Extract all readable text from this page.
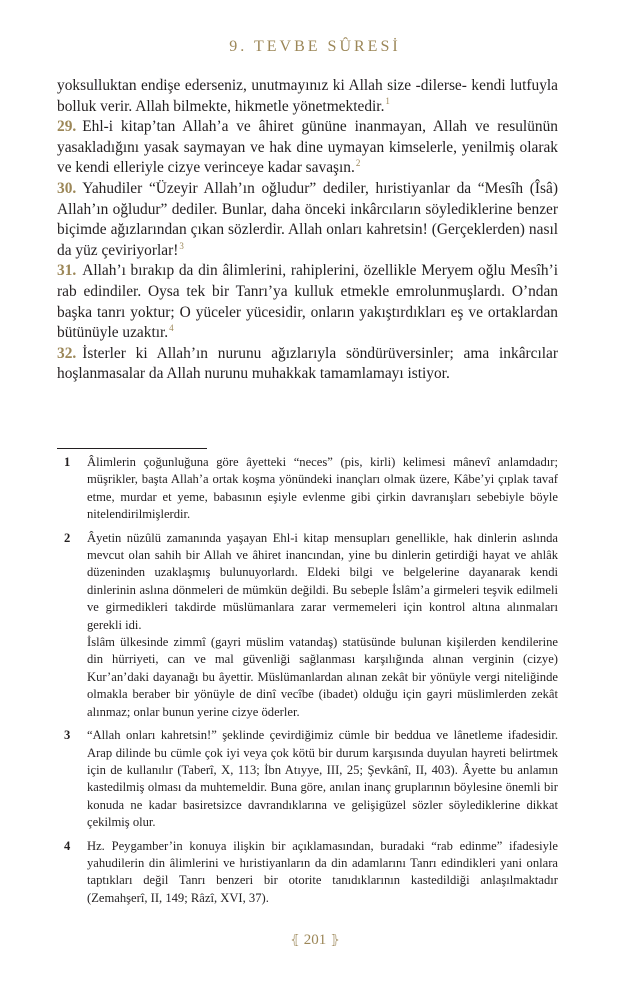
9. TEVBE SÛRESİ

yoksulluktan endişe ederseniz, unutmayınız ki Allah size -dilerse- kendi lutfuyla bolluk verir. Allah bilmekte, hikmetle yönetmektedir.$^1$

29. Ehl-i kitap’tan Allah’a ve âhiret gününe inanmayan, Allah ve resulünün yasakladığını yasak saymayan ve hak dine uymayan kimselerle, yenilmiş olarak ve kendi elleriyle cizye verinceye kadar savaşın.$^2$

30. Yahudiler “Üzeyir Allah’ın oğludur” dediler, hıristiyanlar da “Mesîh (Îsâ) Allah’ın oğludur” dediler. Bunlar, daha önceki inkârcıların söylediklerine benzer biçimde ağızlarından çıkan sözlerdir. Allah onları kahretsin! (Gerçeklerden) nasıl da yüz çeviriyorlar!$^3$

31. Allah’ı bırakıp da din âlimlerini, rahiplerini, özellikle Meryem oğlu Mesîh’i rab edindiler. Oysa tek bir Tanrı’ya kulluk etmekle emrolunmuşlardı. O’ndan başka tanrı yoktur; O yüceler yücesidir, onların yakıştırdıkları eş ve ortaklardan bütünüyle uzaktır.$^4$

32. İsterler ki Allah’ın nurunu ağızlarıyla söndürüversinler; ama inkârcılar hoşlanmasalar da Allah nurunu muhakkak tamamlamayı istiyor.

1 Âlimlerin çoğunluğuna göre âyetteki “neces” (pis, kirli) kelimesi mânevî anlamdadır; müşrikler, başta Allah’a ortak koşma yönündeki inançları olmak üzere, Kâbe’yi çıplak tavaf etme, murdar et yeme, babasının eşiyle evlenme gibi çirkin davranışları sebebiyle böyle nitelendirilmişlerdir.

2 Âyetin nüzûlü zamanında yaşayan Ehl-i kitap mensupları genellikle, hak dinlerin aslında mevcut olan sahih bir Allah ve âhiret inancından, yine bu dinlerin getirdiği hayat ve ahlâk düzeninden uzaklaşmış bulunuyorlardı. Eldeki bilgi ve belgelerine dayanarak kendi dinlerinin aslına dönmeleri de mümkün değildi. Bu sebeple İslâm’a girmeleri teşvik edilmeli ve girmedikleri takdirde müslümanlara zarar vermemeleri için kontrol altına alınmaları gerekli idi.

İslâm ülkesinde zimmî (gayri müslim vatandaş) statüsünde bulunan kişilerden kendilerine din hürriyeti, can ve mal güvenliği sağlanması karşılığında alınan verginin (cizye) Kur’an’daki dayanağı bu âyettir. Müslümanlardan alınan zekât bir yönüyle vergi niteliğinde olmakla beraber bir yönüyle de dinî vecîbe (ibadet) olduğu için gayri müslimlerden zekât alınmaz; onlar bunun yerine cizye öderler.

3 “Allah onları kahretsin!” şeklinde çevirdiğimiz cümle bir beddua ve lânetleme ifadesidir. Arap dilinde bu cümle çok iyi veya çok kötü bir durum karşısında duyulan hayreti belirtmek için de kullanılır (Taberî, X, 113; İbn Atıyye, III, 25; Şevkânî, II, 403). Âyette bu anlamın kastedilmiş olması da muhtemeldir. Buna göre, anılan inanç gruplarının böylesine önemli bir konuda ne kadar basiretsizce davrandıklarına ve gelişigüzel sözler söylediklerine dikkat çekilmiş olur.

4 Hz. Peygamber’in konuya ilişkin bir açıklamasından, buradaki “rab edinme” ifadesiyle yahudilerin din âlimlerini ve hıristiyanların da din adamlarını Tanrı edindikleri yani onlara taptıkları değil Tanrı benzeri bir otorite tanıdıklarının kastedildiği anlaşılmaktadır (Zemahşerî, II, 149; Râzî, XVI, 37).

⦃ 201 ⦄
